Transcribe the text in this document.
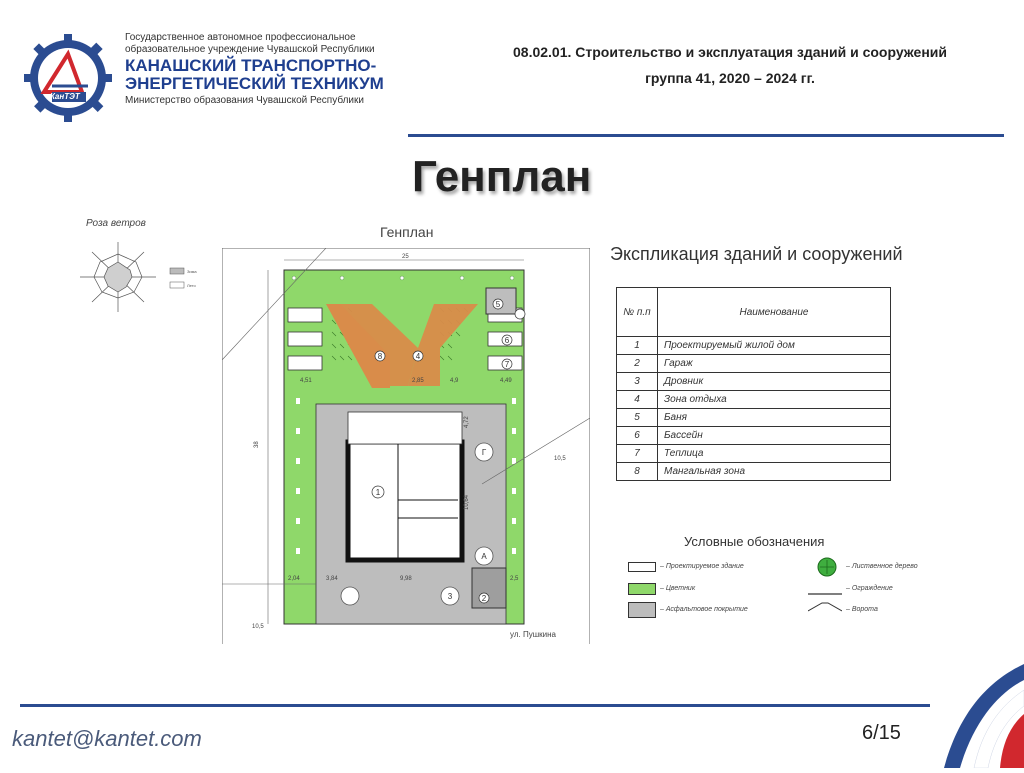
КанТЭТ
Государственное автономное профессиональное
образовательное учреждение Чувашской Республики
КАНАШСКИЙ ТРАНСПОРТНО-
ЭНЕРГЕТИЧЕСКИЙ ТЕХНИКУМ
Министерство образования Чувашской Республики
08.02.01. Строительство и эксплуатация зданий и сооружений
группа 41, 2020 – 2024 гг.
Генплан
Роза ветров
Зима
Лето
Генплан
25
38
10,5
10,5
4,51	4,49
2,85	4,9
9,98
3,84
2,04	2,5
10,64
4,72
1
2
3
4
5
6
7
8
Г
А
ул. Пушкина
Экспликация зданий и сооружений
№ п.п	Наименование
1	Проектируемый жилой дом
2	Гараж
3	Дровник
4	Зона отдыха
5	Баня
6	Бассейн
7	Теплица
8	Мангальная зона
Условные обозначения
– Проектируемое здание
– Цветник
– Асфальтовое покрытие
– Лиственное дерево
– Ограждение
– Ворота
kantet@kantet.com	6/15
